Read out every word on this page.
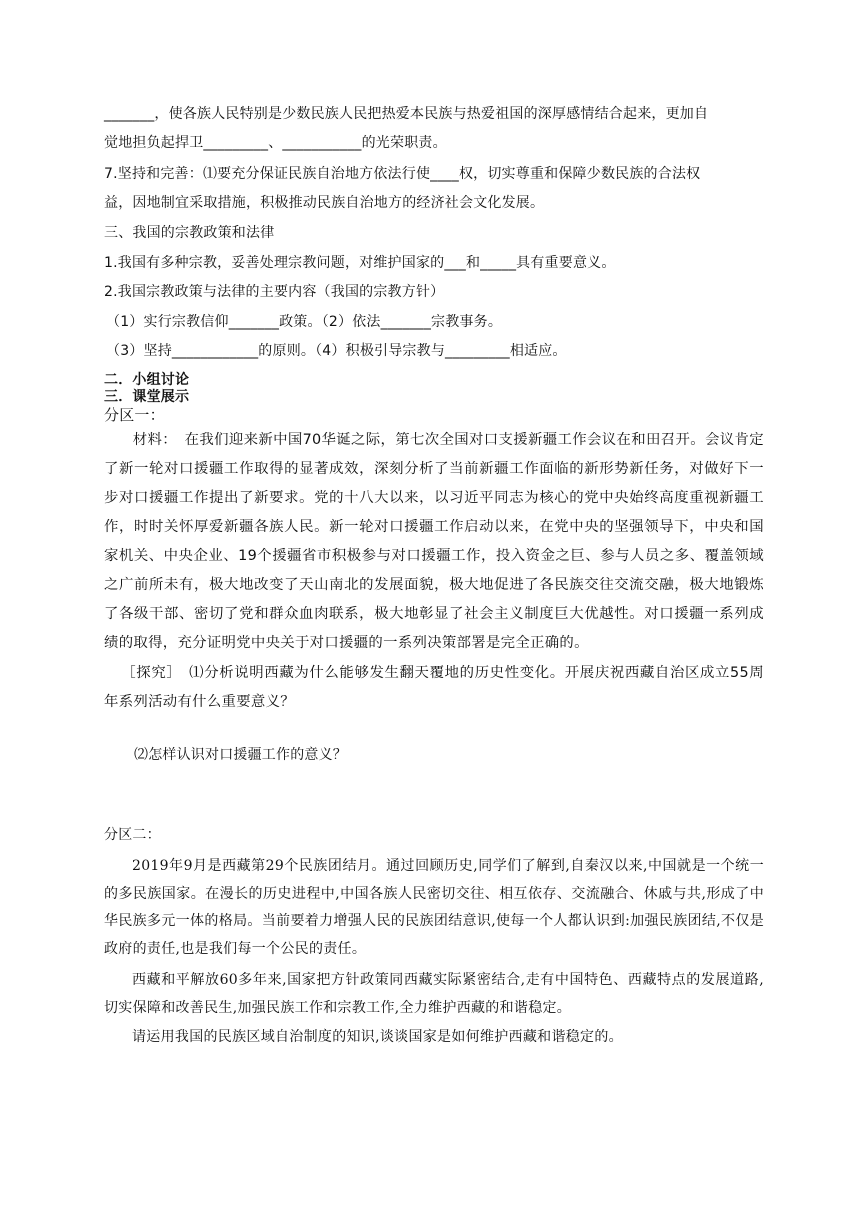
_______，使各族人民特别是少数民族人民把热爱本民族与热爱祖国的深厚感情结合起来，更加自
觉地担负起捍卫_________、___________的光荣职责。
7.坚持和完善：⑴要充分保证民族自治地方依法行使____权，切实尊重和保障少数民族的合法权
益，因地制宜采取措施，积极推动民族自治地方的经济社会文化发展。
三、我国的宗教政策和法律
1.我国有多种宗教，妥善处理宗教问题，对维护国家的___和_____具有重要意义。
2.我国宗教政策与法律的主要内容（我国的宗教方针）
（1）实行宗教信仰_______政策。（2）依法_______宗教事务。
（3）坚持____________的原则。（4）积极引导宗教与_________相适应。
二．小组讨论
三．课堂展示
分区一：
材料：　在我们迎来新中国70华诞之际，第七次全国对口支援新疆工作会议在和田召开。会议肯定了新一轮对口援疆工作取得的显著成效，深刻分析了当前新疆工作面临的新形势新任务，对做好下一步对口援疆工作提出了新要求。党的十八大以来，以习近平同志为核心的党中央始终高度重视新疆工作，时时关怀厚爱新疆各族人民。新一轮对口援疆工作启动以来，在党中央的坚强领导下，中央和国家机关、中央企业、19个援疆省市积极参与对口援疆工作，投入资金之巨、参与人员之多、覆盖领域之广前所未有，极大地改变了天山南北的发展面貌，极大地促进了各民族交往交流交融，极大地锻炼了各级干部、密切了党和群众血肉联系，极大地彰显了社会主义制度巨大优越性。对口援疆一系列成绩的取得，充分证明党中央关于对口援疆的一系列决策部署是完全正确的。
［探究］　⑴分析说明西藏为什么能够发生翻天覆地的历史性变化。开展庆祝西藏自治区成立55周年系列活动有什么重要意义？
⑵怎样认识对口援疆工作的意义？
分区二：
2019年9月是西藏第29个民族团结月。通过回顾历史,同学们了解到,自秦汉以来,中国就是一个统一的多民族国家。在漫长的历史进程中,中国各族人民密切交往、相互依存、交流融合、休戚与共,形成了中华民族多元一体的格局。当前要着力增强人民的民族团结意识,使每一个人都认识到:加强民族团结,不仅是政府的责任,也是我们每一个公民的责任。
西藏和平解放60多年来,国家把方针政策同西藏实际紧密结合,走有中国特色、西藏特点的发展道路,切实保障和改善民生,加强民族工作和宗教工作,全力维护西藏的和谐稳定。
请运用我国的民族区域自治制度的知识,谈谈国家是如何维护西藏和谐稳定的。
